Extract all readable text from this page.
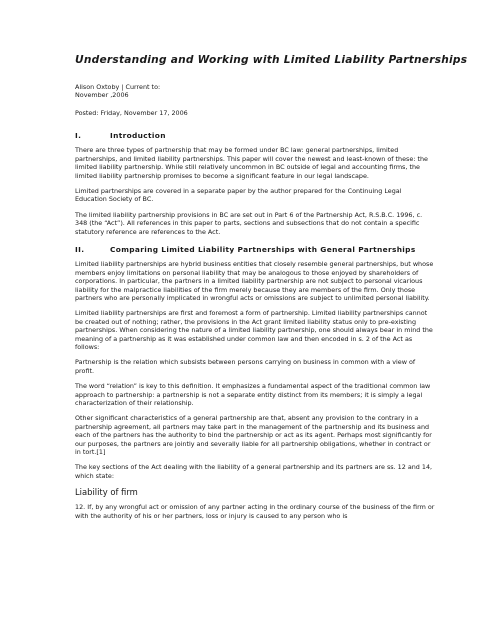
Understanding and Working with Limited Liability Partnerships

Alison Oxtoby | Current to:

November ,2006

Posted: Friday, November 17, 2006

I.	Introduction

There are three types of partnership that may be formed under BC law: general partnerships, limited partnerships, and limited liability partnerships. This paper will cover the newest and least-known of these: the limited liability partnership. While still relatively uncommon in BC outside of legal and accounting firms, the limited liability partnership promises to become a significant feature in our legal landscape.

Limited partnerships are covered in a separate paper by the author prepared for the Continuing Legal Education Society of BC.

The limited liability partnership provisions in BC are set out in Part 6 of the Partnership Act, R.S.B.C. 1996, c. 348 (the “Act”). All references in this paper to parts, sections and subsections that do not contain a specific statutory reference are references to the Act.

II.	Comparing Limited Liability Partnerships with General Partnerships

Limited liability partnerships are hybrid business entities that closely resemble general partnerships, but whose members enjoy limitations on personal liability that may be analogous to those enjoyed by shareholders of corporations. In particular, the partners in a limited liability partnership are not subject to personal vicarious liability for the malpractice liabilities of the firm merely because they are members of the firm. Only those partners who are personally implicated in wrongful acts or omissions are subject to unlimited personal liability.

Limited liability partnerships are first and foremost a form of partnership. Limited liability partnerships cannot be created out of nothing; rather, the provisions in the Act grant limited liability status only to pre-existing partnerships. When considering the nature of a limited liability partnership, one should always bear in mind the meaning of a partnership as it was established under common law and then encoded in s. 2 of the Act as follows:

Partnership is the relation which subsists between persons carrying on business in common with a view of profit.

The word “relation” is key to this definition. It emphasizes a fundamental aspect of the traditional common law approach to partnership: a partnership is not a separate entity distinct from its members; it is simply a legal characterization of their relationship.

Other significant characteristics of a general partnership are that, absent any provision to the contrary in a partnership agreement, all partners may take part in the management of the partnership and its business and each of the partners has the authority to bind the partnership or act as its agent. Perhaps most significantly for our purposes, the partners are jointly and severally liable for all partnership obligations, whether in contract or in tort.[1]

The key sections of the Act dealing with the liability of a general partnership and its partners are ss. 12 and 14, which state:

Liability of firm

12. If, by any wrongful act or omission of any partner acting in the ordinary course of the business of the firm or with the authority of his or her partners, loss or injury is caused to any person who is
